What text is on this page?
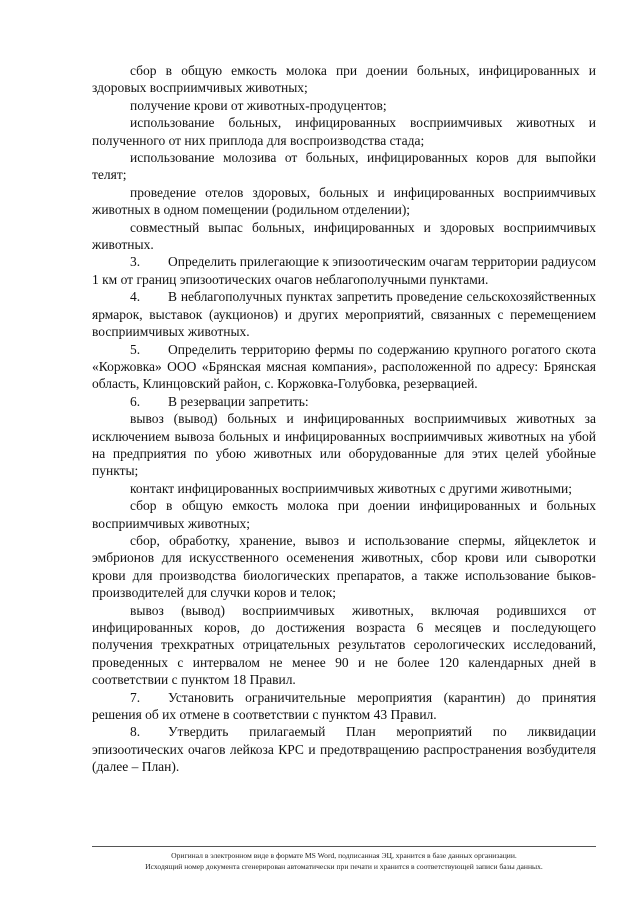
сбор в общую емкость молока при доении больных, инфицированных и здоровых восприимчивых животных;

получение крови от животных-продуцентов;

использование больных, инфицированных восприимчивых животных и полученного от них приплода для воспроизводства стада;

использование молозива от больных, инфицированных коров для выпойки телят;

проведение отелов здоровых, больных и инфицированных восприимчивых животных в одном помещении (родильном отделении);

совместный выпас больных, инфицированных и здоровых восприимчивых животных.

3. Определить прилегающие к эпизоотическим очагам территории радиусом 1 км от границ эпизоотических очагов неблагополучными пунктами.

4. В неблагополучных пунктах запретить проведение сельскохозяйственных ярмарок, выставок (аукционов) и других мероприятий, связанных с перемещением восприимчивых животных.

5. Определить территорию фермы по содержанию крупного рогатого скота «Коржовка» ООО «Брянская мясная компания», расположенной по адресу: Брянская область, Клинцовский район, с. Коржовка-Голубовка, резервацией.

6. В резервации запретить:

вывоз (вывод) больных и инфицированных восприимчивых животных за исключением вывоза больных и инфицированных восприимчивых животных на убой на предприятия по убою животных или оборудованные для этих целей убойные пункты;

контакт инфицированных восприимчивых животных с другими животными;

сбор в общую емкость молока при доении инфицированных и больных восприимчивых животных;

сбор, обработку, хранение, вывоз и использование спермы, яйцеклеток и эмбрионов для искусственного осеменения животных, сбор крови или сыворотки крови для производства биологических препаратов, а также использование быков-производителей для случки коров и телок;

вывоз (вывод) восприимчивых животных, включая родившихся от инфицированных коров, до достижения возраста 6 месяцев и последующего получения трехкратных отрицательных результатов серологических исследований, проведенных с интервалом не менее 90 и не более 120 календарных дней в соответствии с пунктом 18 Правил.

7. Установить ограничительные мероприятия (карантин) до принятия решения об их отмене в соответствии с пунктом 43 Правил.

8. Утвердить прилагаемый План мероприятий по ликвидации эпизоотических очагов лейкоза КРС и предотвращению распространения возбудителя (далее – План).

Оригинал в электронном виде в формате MS Word, подписанная ЭЦ, хранится в базе данных организации.
Исходящий номер документа сгенерирован автоматически при печати и хранится в соответствующей записи базы данных.
